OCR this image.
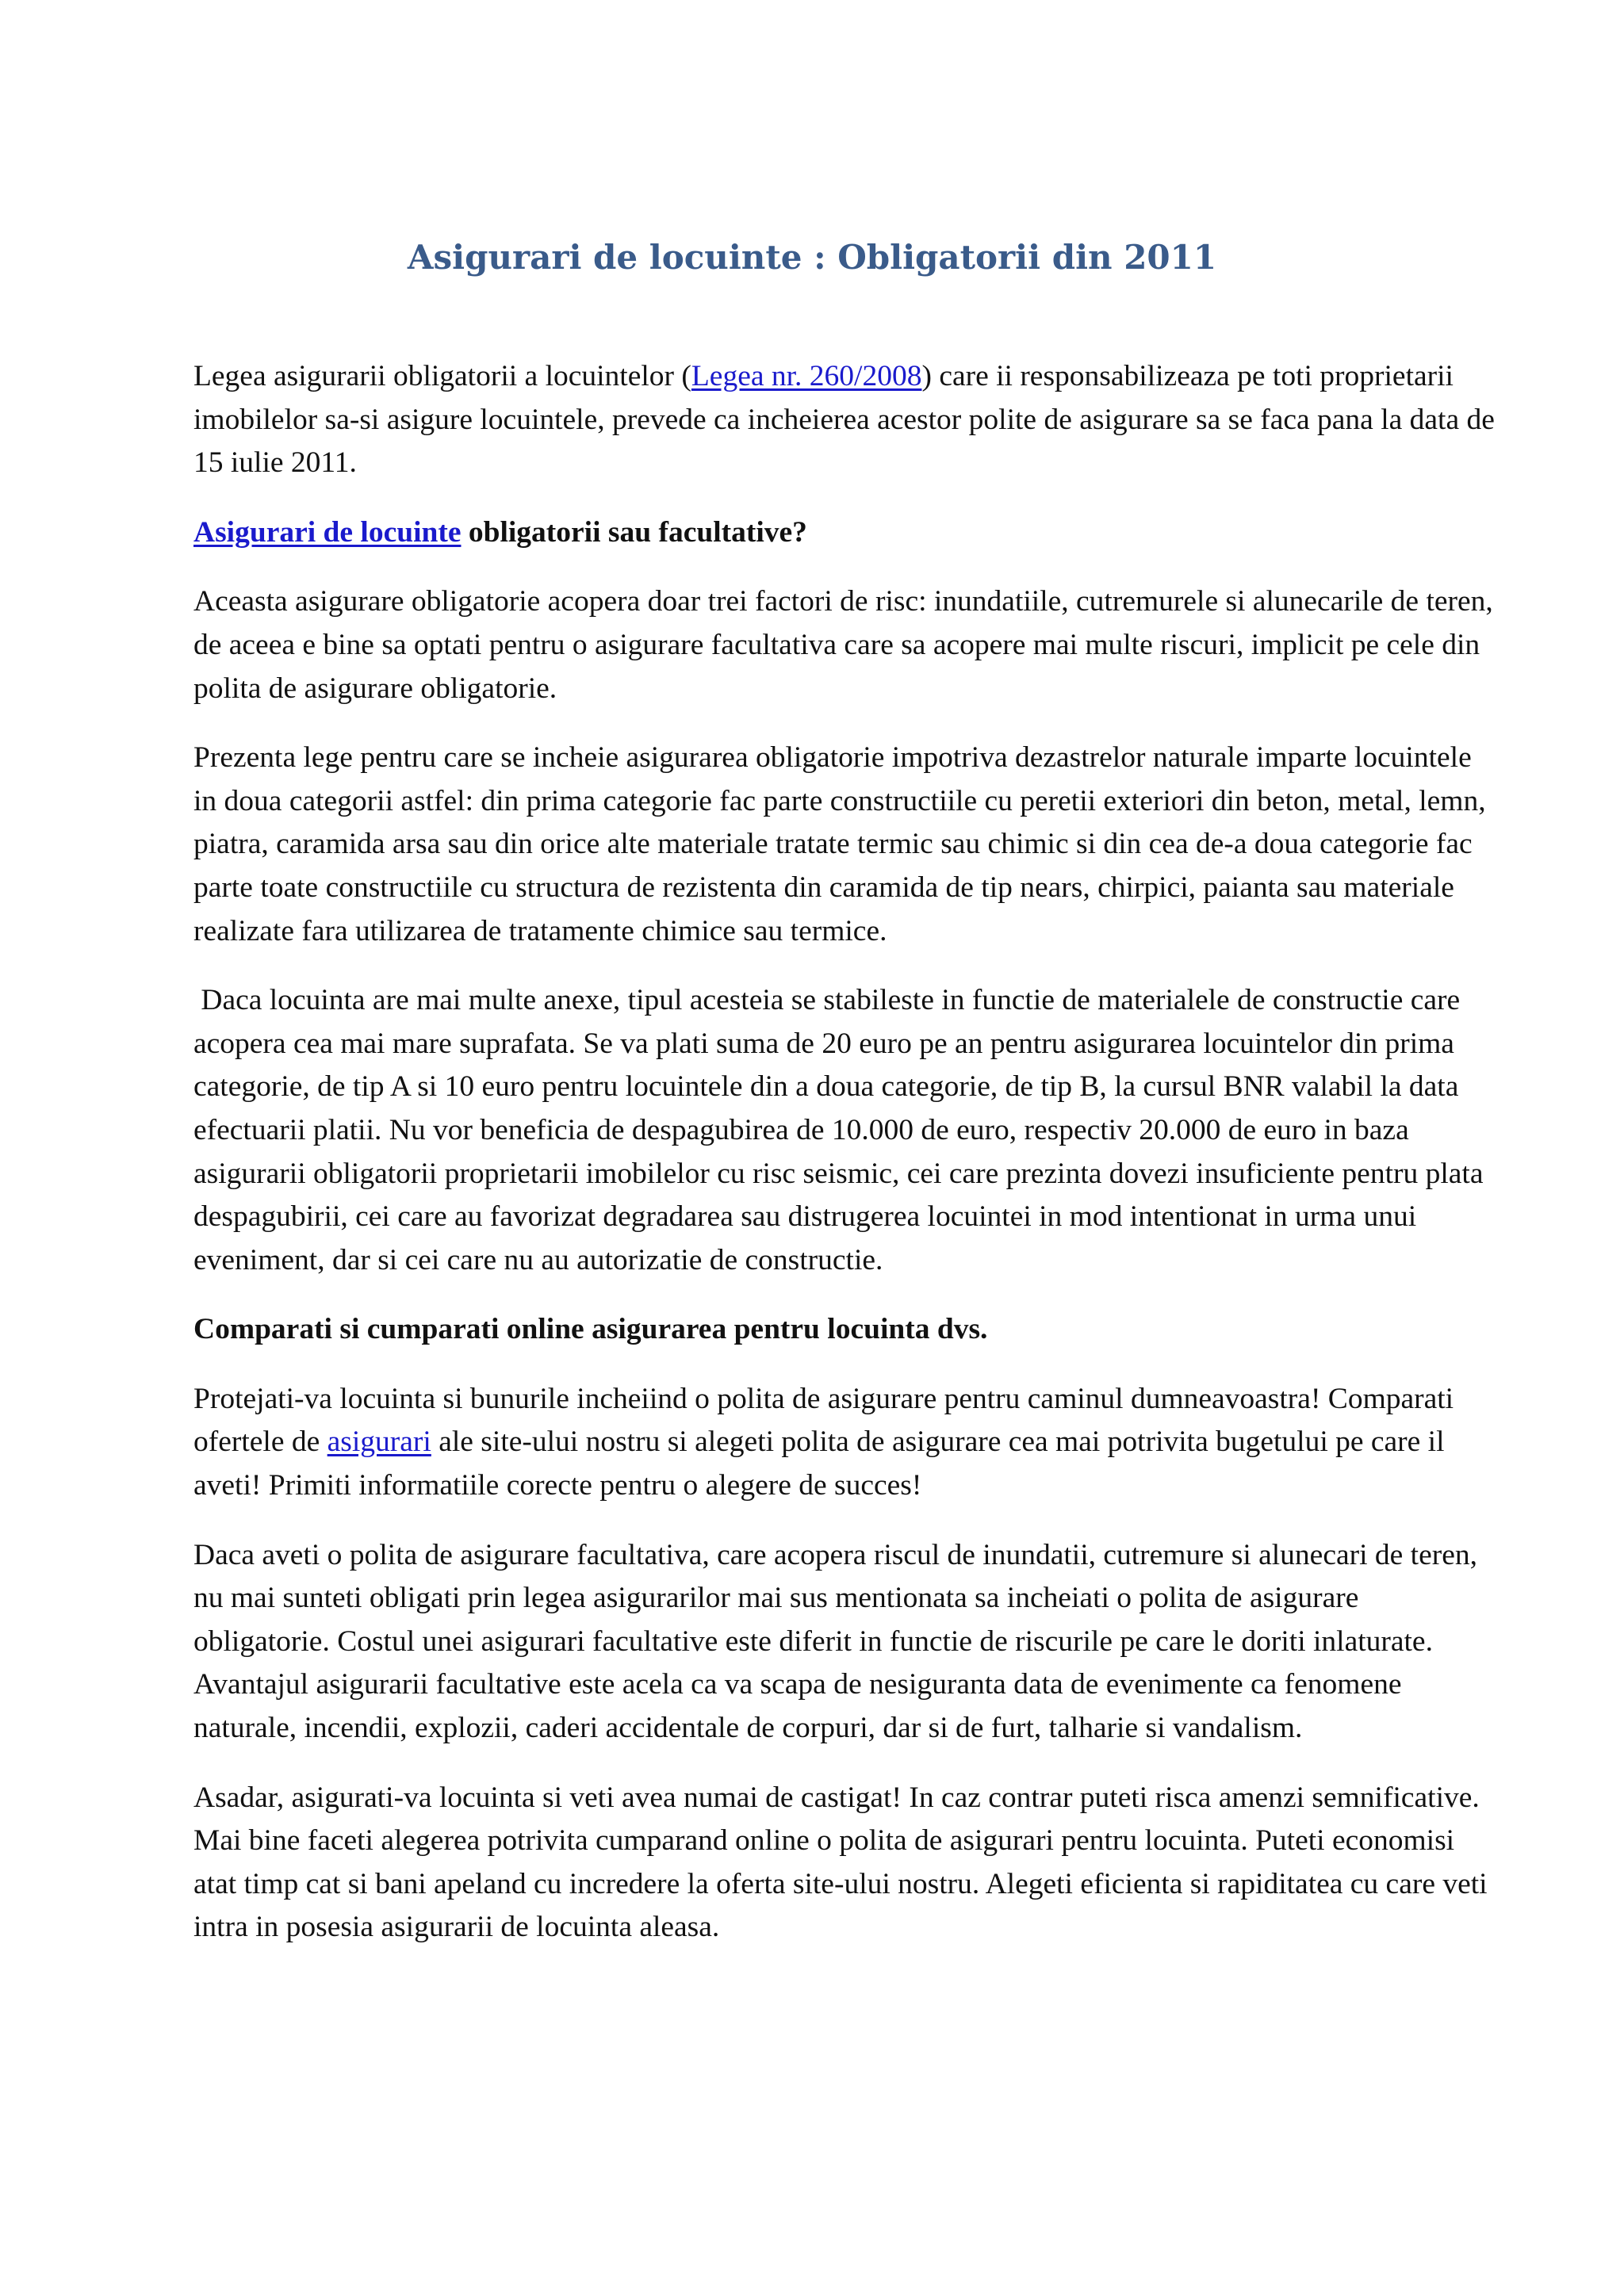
Asigurari de locuinte : Obligatorii din 2011

Legea asigurarii obligatorii a locuintelor (Legea nr. 260/2008) care ii responsabilizeaza pe toti proprietarii imobilelor sa-si asigure locuintele, prevede ca incheierea acestor polite de asigurare sa se faca pana la data de 15 iulie 2011.

Asigurari de locuinte obligatorii sau facultative?

Aceasta asigurare obligatorie acopera doar trei factori de risc: inundatiile, cutremurele si alunecarile de teren, de aceea e bine sa optati pentru o asigurare facultativa care sa acopere mai multe riscuri, implicit pe cele din polita de asigurare obligatorie.

Prezenta lege pentru care se incheie asigurarea obligatorie impotriva dezastrelor naturale imparte locuintele in doua categorii astfel: din prima categorie fac parte constructiile cu peretii exteriori din beton, metal, lemn, piatra, caramida arsa sau din orice alte materiale tratate termic sau chimic si din cea de-a doua categorie fac parte toate constructiile cu structura de rezistenta din caramida de tip nears, chirpici, paianta sau materiale realizate fara utilizarea de tratamente chimice sau termice.

Daca locuinta are mai multe anexe, tipul acesteia se stabileste in functie de materialele de constructie care acopera cea mai mare suprafata. Se va plati suma de 20 euro pe an pentru asigurarea locuintelor din prima categorie, de tip A si 10 euro pentru locuintele din a doua categorie, de tip B, la cursul BNR valabil la data efectuarii platii. Nu vor beneficia de despagubirea de 10.000 de euro, respectiv 20.000 de euro in baza asigurarii obligatorii proprietarii imobilelor cu risc seismic, cei care prezinta dovezi insuficiente pentru plata despagubirii, cei care au favorizat degradarea sau distrugerea locuintei in mod intentionat in urma unui eveniment, dar si cei care nu au autorizatie de constructie.

Comparati si cumparati online asigurarea pentru locuinta dvs.

Protejati-va locuinta si bunurile incheiind o polita de asigurare pentru caminul dumneavoastra! Comparati ofertele de asigurari ale site-ului nostru si alegeti polita de asigurare cea mai potrivita bugetului pe care il aveti! Primiti informatiile corecte pentru o alegere de succes!

Daca aveti o polita de asigurare facultativa, care acopera riscul de inundatii, cutremure si alunecari de teren, nu mai sunteti obligati prin legea asigurarilor mai sus mentionata sa incheiati o polita de asigurare obligatorie. Costul unei asigurari facultative este diferit in functie de riscurile pe care le doriti inlaturate. Avantajul asigurarii facultative este acela ca va scapa de nesiguranta data de evenimente ca fenomene naturale, incendii, explozii, caderi accidentale de corpuri, dar si de furt, talharie si vandalism.

Asadar, asigurati-va locuinta si veti avea numai de castigat! In caz contrar puteti risca amenzi semnificative. Mai bine faceti alegerea potrivita cumparand online o polita de asigurari pentru locuinta. Puteti economisi atat timp cat si bani apeland cu incredere la oferta site-ului nostru. Alegeti eficienta si rapiditatea cu care veti intra in posesia asigurarii de locuinta aleasa.
